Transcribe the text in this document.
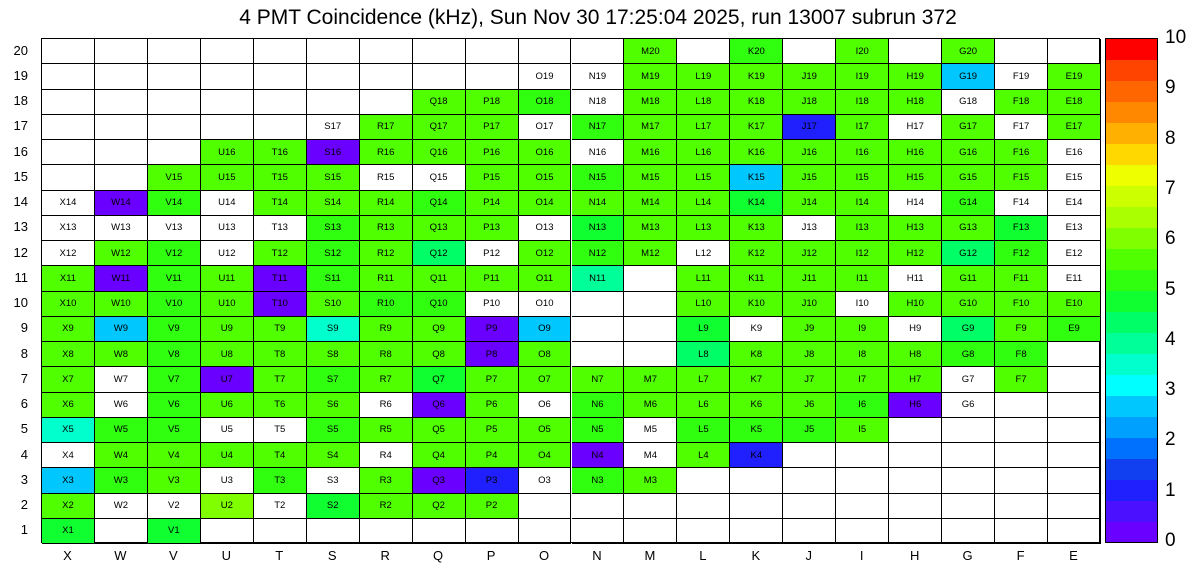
4 PMT Coincidence (kHz), Sun Nov 30 17:25:04 2025, run 13007 subrun 372
X1	V1
X2	W2	V2	U2	T2	S2	R2	Q2	P2
X3	W3	V3	U3	T3	S3	R3	Q3	P3	O3	N3	M3
X4	W4	V4	U4	T4	S4	R4	Q4	P4	O4	N4	M4	L4	K4
X5	W5	V5	U5	T5	S5	R5	Q5	P5	O5	N5	M5	L5	K5	J5	I5
X6	W6	V6	U6	T6	S6	R6	Q6	P6	O6	N6	M6	L6	K6	J6	I6	H6	G6
X7	W7	V7	U7	T7	S7	R7	Q7	P7	O7	N7	M7	L7	K7	J7	I7	H7	G7	F7
X8	W8	V8	U8	T8	S8	R8	Q8	P8	O8	L8	K8	J8	I8	H8	G8	F8
X9	W9	V9	U9	T9	S9	R9	Q9	P9	O9	L9	K9	J9	I9	H9	G9	F9	E9
X10	W10	V10	U10	T10	S10	R10	Q10	P10	O10	L10	K10	J10	I10	H10	G10	F10	E10
X11	W11	V11	U11	T11	S11	R11	Q11	P11	O11	N11	L11	K11	J11	I11	H11	G11	F11	E11
X12	W12	V12	U12	T12	S12	R12	Q12	P12	O12	N12	M12	L12	K12	J12	I12	H12	G12	F12	E12
X13	W13	V13	U13	T13	S13	R13	Q13	P13	O13	N13	M13	L13	K13	J13	I13	H13	G13	F13	E13
X14	W14	V14	U14	T14	S14	R14	Q14	P14	O14	N14	M14	L14	K14	J14	I14	H14	G14	F14	E14
V15	U15	T15	S15	R15	Q15	P15	O15	N15	M15	L15	K15	J15	I15	H15	G15	F15	E15
U16	T16	S16	R16	Q16	P16	O16	N16	M16	L16	K16	J16	I16	H16	G16	F16	E16
S17	R17	Q17	P17	O17	N17	M17	L17	K17	J17	I17	H17	G17	F17	E17
Q18	P18	O18	N18	M18	L18	K18	J18	I18	H18	G18	F18	E18
O19	N19	M19	L19	K19	J19	I19	H19	G19	F19	E19
M20	K20	I20	G20
1
2
3
4
5
6
7
8
9
10
11
12
13
14
15
16
17
18
19
20
X	W	V	U	T	S	R	Q	P	O	N	M	L	K	J	I	H	G	F	E
0
1
2
3
4
5
6
7
8
9
10
